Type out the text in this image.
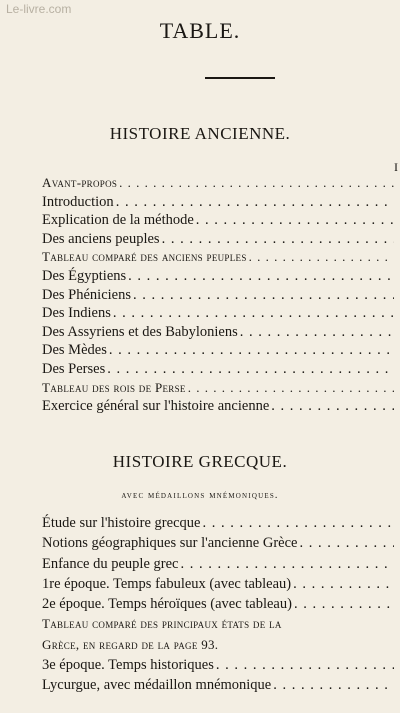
Le-livre.com
TABLE.
HISTOIRE ANCIENNE.
I
Avant-propos . . .
Introduction . . .
Explication de la méthode . . .
Des anciens peuples . . .
Tableau comparé des anciens peuples . . .
Des Égyptiens . . .
Des Phéniciens . . .
Des Indiens . . .
Des Assyriens et des Babyloniens . . .
Des Mèdes . . .
Des Perses . . .
Tableau des rois de Perse . . .
Exercice général sur l'histoire ancienne . . .
HISTOIRE GRECQUE.
avec médaillons mnémoniques.
Étude sur l'histoire grecque . . .
Notions géographiques sur l'ancienne Grèce . . .
Enfance du peuple grec . . .
1re époque. Temps fabuleux (avec tableau) . . .
2e époque. Temps héroïques (avec tableau) . . .
Tableau comparé des principaux états de la
Grèce, en regard de la page 93.
3e époque. Temps historiques . . .
Lycurgue, avec médaillon mnémonique . . .
